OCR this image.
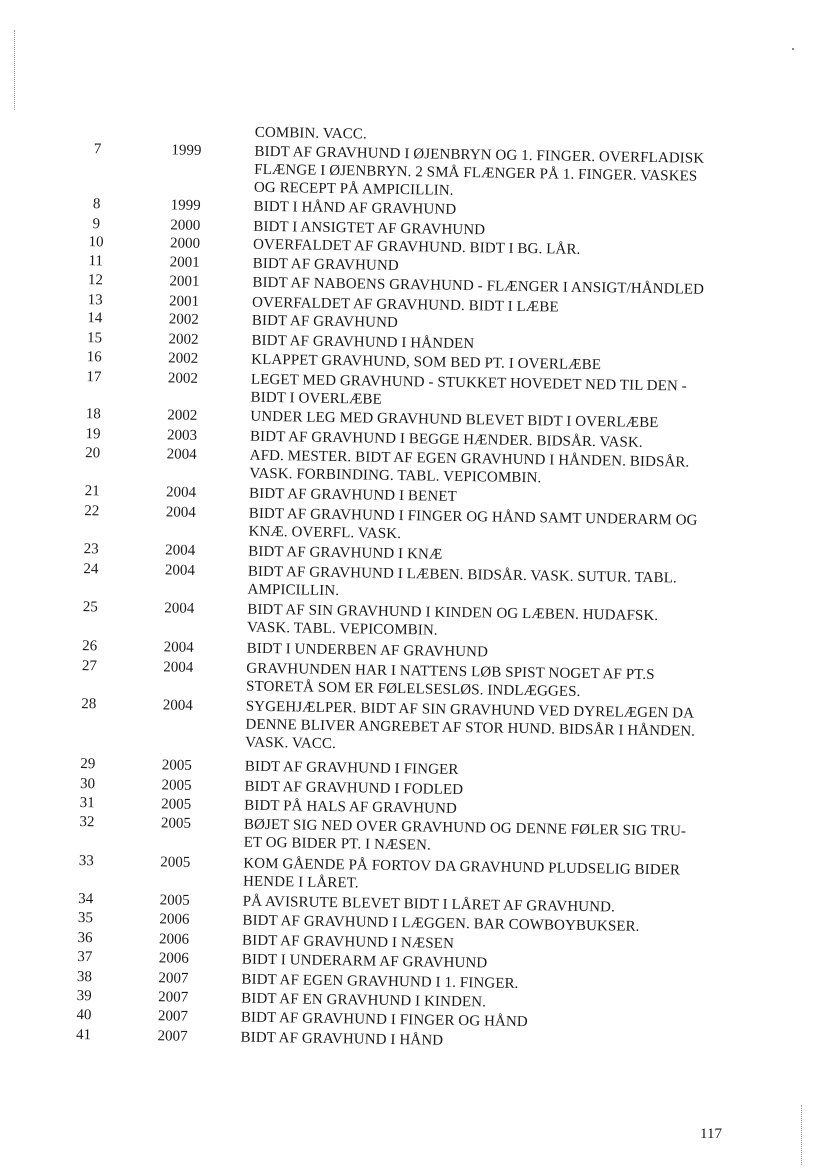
COMBIN. VACC.
7	1999	BIDT AF GRAVHUND I ØJENBRYN OG 1. FINGER. OVERFLADISK
FLÆNGE I ØJENBRYN. 2 SMÅ FLÆNGER PÅ 1. FINGER. VASKES
OG RECEPT PÅ AMPICILLIN.
8	1999	BIDT I HÅND AF GRAVHUND
9	2000	BIDT I ANSIGTET AF GRAVHUND
10	2000	OVERFALDET AF GRAVHUND. BIDT I BG. LÅR.
11	2001	BIDT AF GRAVHUND
12	2001	BIDT AF NABOENS GRAVHUND - FLÆNGER I ANSIGT/HÅNDLED
13	2001	OVERFALDET AF GRAVHUND. BIDT I LÆBE
14	2002	BIDT AF GRAVHUND
15	2002	BIDT AF GRAVHUND I HÅNDEN
16	2002	KLAPPET GRAVHUND, SOM BED PT. I OVERLÆBE
17	2002	LEGET MED GRAVHUND - STUKKET HOVEDET NED TIL DEN -
BIDT I OVERLÆBE
18	2002	UNDER LEG MED GRAVHUND BLEVET BIDT I OVERLÆBE
19	2003	BIDT AF GRAVHUND I BEGGE HÆNDER. BIDSÅR. VASK.
20	2004	AFD. MESTER. BIDT AF EGEN GRAVHUND I HÅNDEN. BIDSÅR.
VASK. FORBINDING. TABL. VEPICOMBIN.
21	2004	BIDT AF GRAVHUND I BENET
22	2004	BIDT AF GRAVHUND I FINGER OG HÅND SAMT UNDERARM OG
KNÆ. OVERFL. VASK.
23	2004	BIDT AF GRAVHUND I KNÆ
24	2004	BIDT AF GRAVHUND I LÆBEN. BIDSÅR. VASK. SUTUR. TABL.
AMPICILLIN.
25	2004	BIDT AF SIN GRAVHUND I KINDEN OG LÆBEN. HUDAFSK.
VASK. TABL. VEPICOMBIN.
26	2004	BIDT I UNDERBEN AF GRAVHUND
27	2004	GRAVHUNDEN HAR I NATTENS LØB SPIST NOGET AF PT.S
STORETÅ SOM ER FØLELSESLØS. INDLÆGGES.
28	2004	SYGEHJÆLPER. BIDT AF SIN GRAVHUND VED DYRELÆGEN DA
DENNE BLIVER ANGREBET AF STOR HUND. BIDSÅR I HÅNDEN.
VASK. VACC.
29	2005	BIDT AF GRAVHUND I FINGER
30	2005	BIDT AF GRAVHUND I FODLED
31	2005	BIDT PÅ HALS AF GRAVHUND
32	2005	BØJET SIG NED OVER GRAVHUND OG DENNE FØLER SIG TRU-
ET OG BIDER PT. I NÆSEN.
33	2005	KOM GÅENDE PÅ FORTOV DA GRAVHUND PLUDSELIG BIDER
HENDE I LÅRET.
34	2005	PÅ AVISRUTE BLEVET BIDT I LÅRET AF GRAVHUND.
35	2006	BIDT AF GRAVHUND I LÆGGEN. BAR COWBOYBUKSER.
36	2006	BIDT AF GRAVHUND I NÆSEN
37	2006	BIDT I UNDERARM AF GRAVHUND
38	2007	BIDT AF EGEN GRAVHUND I 1. FINGER.
39	2007	BIDT AF EN GRAVHUND I KINDEN.
40	2007	BIDT AF GRAVHUND I FINGER OG HÅND
41	2007	BIDT AF GRAVHUND I HÅND
117
